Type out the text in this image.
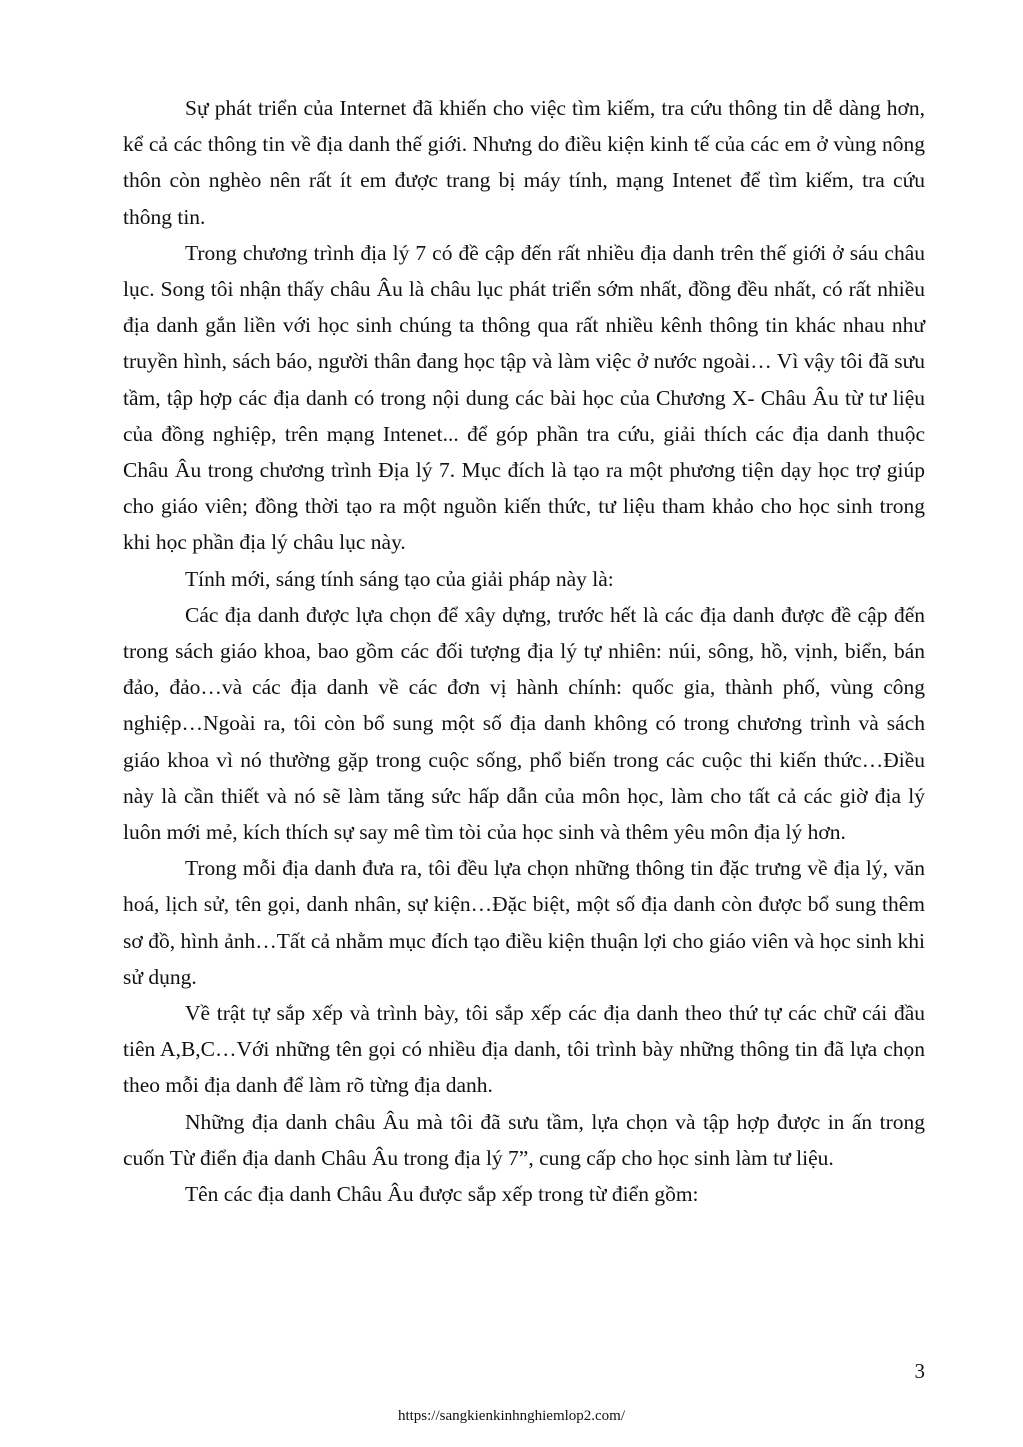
Sự phát triển của Internet đã khiến cho việc tìm kiếm, tra cứu thông tin dễ dàng hơn, kể cả các thông tin về địa danh thế giới. Nhưng do điều kiện kinh tế của các em ở vùng nông thôn còn nghèo nên rất ít em được trang bị máy tính, mạng Intenet để tìm kiếm, tra cứu thông tin.

Trong chương trình địa lý 7 có đề cập đến rất nhiều địa danh trên thế giới ở sáu châu lục. Song tôi nhận thấy châu Âu là châu lục phát triển sớm nhất, đồng đều nhất, có rất nhiều địa danh gắn liền với học sinh chúng ta thông qua rất nhiều kênh thông tin khác nhau như truyền hình, sách báo, người thân đang học tập và làm việc ở nước ngoài… Vì vậy tôi đã sưu tầm, tập hợp các địa danh có trong nội dung các bài học của Chương X- Châu Âu từ tư liệu của đồng nghiệp, trên mạng Intenet... để góp phần tra cứu, giải thích các địa danh thuộc Châu Âu trong chương trình Địa lý 7. Mục đích là tạo ra một phương tiện dạy học trợ giúp cho giáo viên; đồng thời tạo ra một nguồn kiến thức, tư liệu tham khảo cho học sinh trong khi học phần địa lý châu lục này.

Tính mới, sáng tính sáng tạo của giải pháp này là:

Các địa danh được lựa chọn để xây dựng, trước hết là các địa danh được đề cập đến trong sách giáo khoa, bao gồm các đối tượng địa lý tự nhiên: núi, sông, hồ, vịnh, biển, bán đảo, đảo…và các địa danh về các đơn vị hành chính: quốc gia, thành phố, vùng công nghiệp…Ngoài ra, tôi còn bổ sung một số địa danh không có trong chương trình và sách giáo khoa vì nó thường gặp trong cuộc sống, phổ biến trong các cuộc thi kiến thức…Điều này là cần thiết và nó sẽ làm tăng sức hấp dẫn của môn học, làm cho tất cả các giờ địa lý luôn mới mẻ, kích thích sự say mê tìm tòi của học sinh và thêm yêu môn địa lý hơn.

Trong mỗi địa danh đưa ra, tôi đều lựa chọn những thông tin đặc trưng về địa lý, văn hoá, lịch sử, tên gọi, danh nhân, sự kiện…Đặc biệt, một số địa danh còn được bổ sung thêm sơ đồ, hình ảnh…Tất cả nhằm mục đích tạo điều kiện thuận lợi cho giáo viên và học sinh khi sử dụng.

Về trật tự sắp xếp và trình bày, tôi sắp xếp các địa danh theo thứ tự các chữ cái đầu tiên A,B,C…Với những tên gọi có nhiều địa danh, tôi trình bày những thông tin đã lựa chọn theo mỗi địa danh để làm rõ từng địa danh.

Những địa danh châu Âu mà tôi đã sưu tầm, lựa chọn và tập hợp được in ấn trong cuốn Từ điển địa danh Châu Âu trong địa lý 7”, cung cấp cho học sinh làm tư liệu.

Tên các địa danh Châu Âu được sắp xếp trong từ điển gồm:

3
https://sangkienkinhnghiemlop2.com/
